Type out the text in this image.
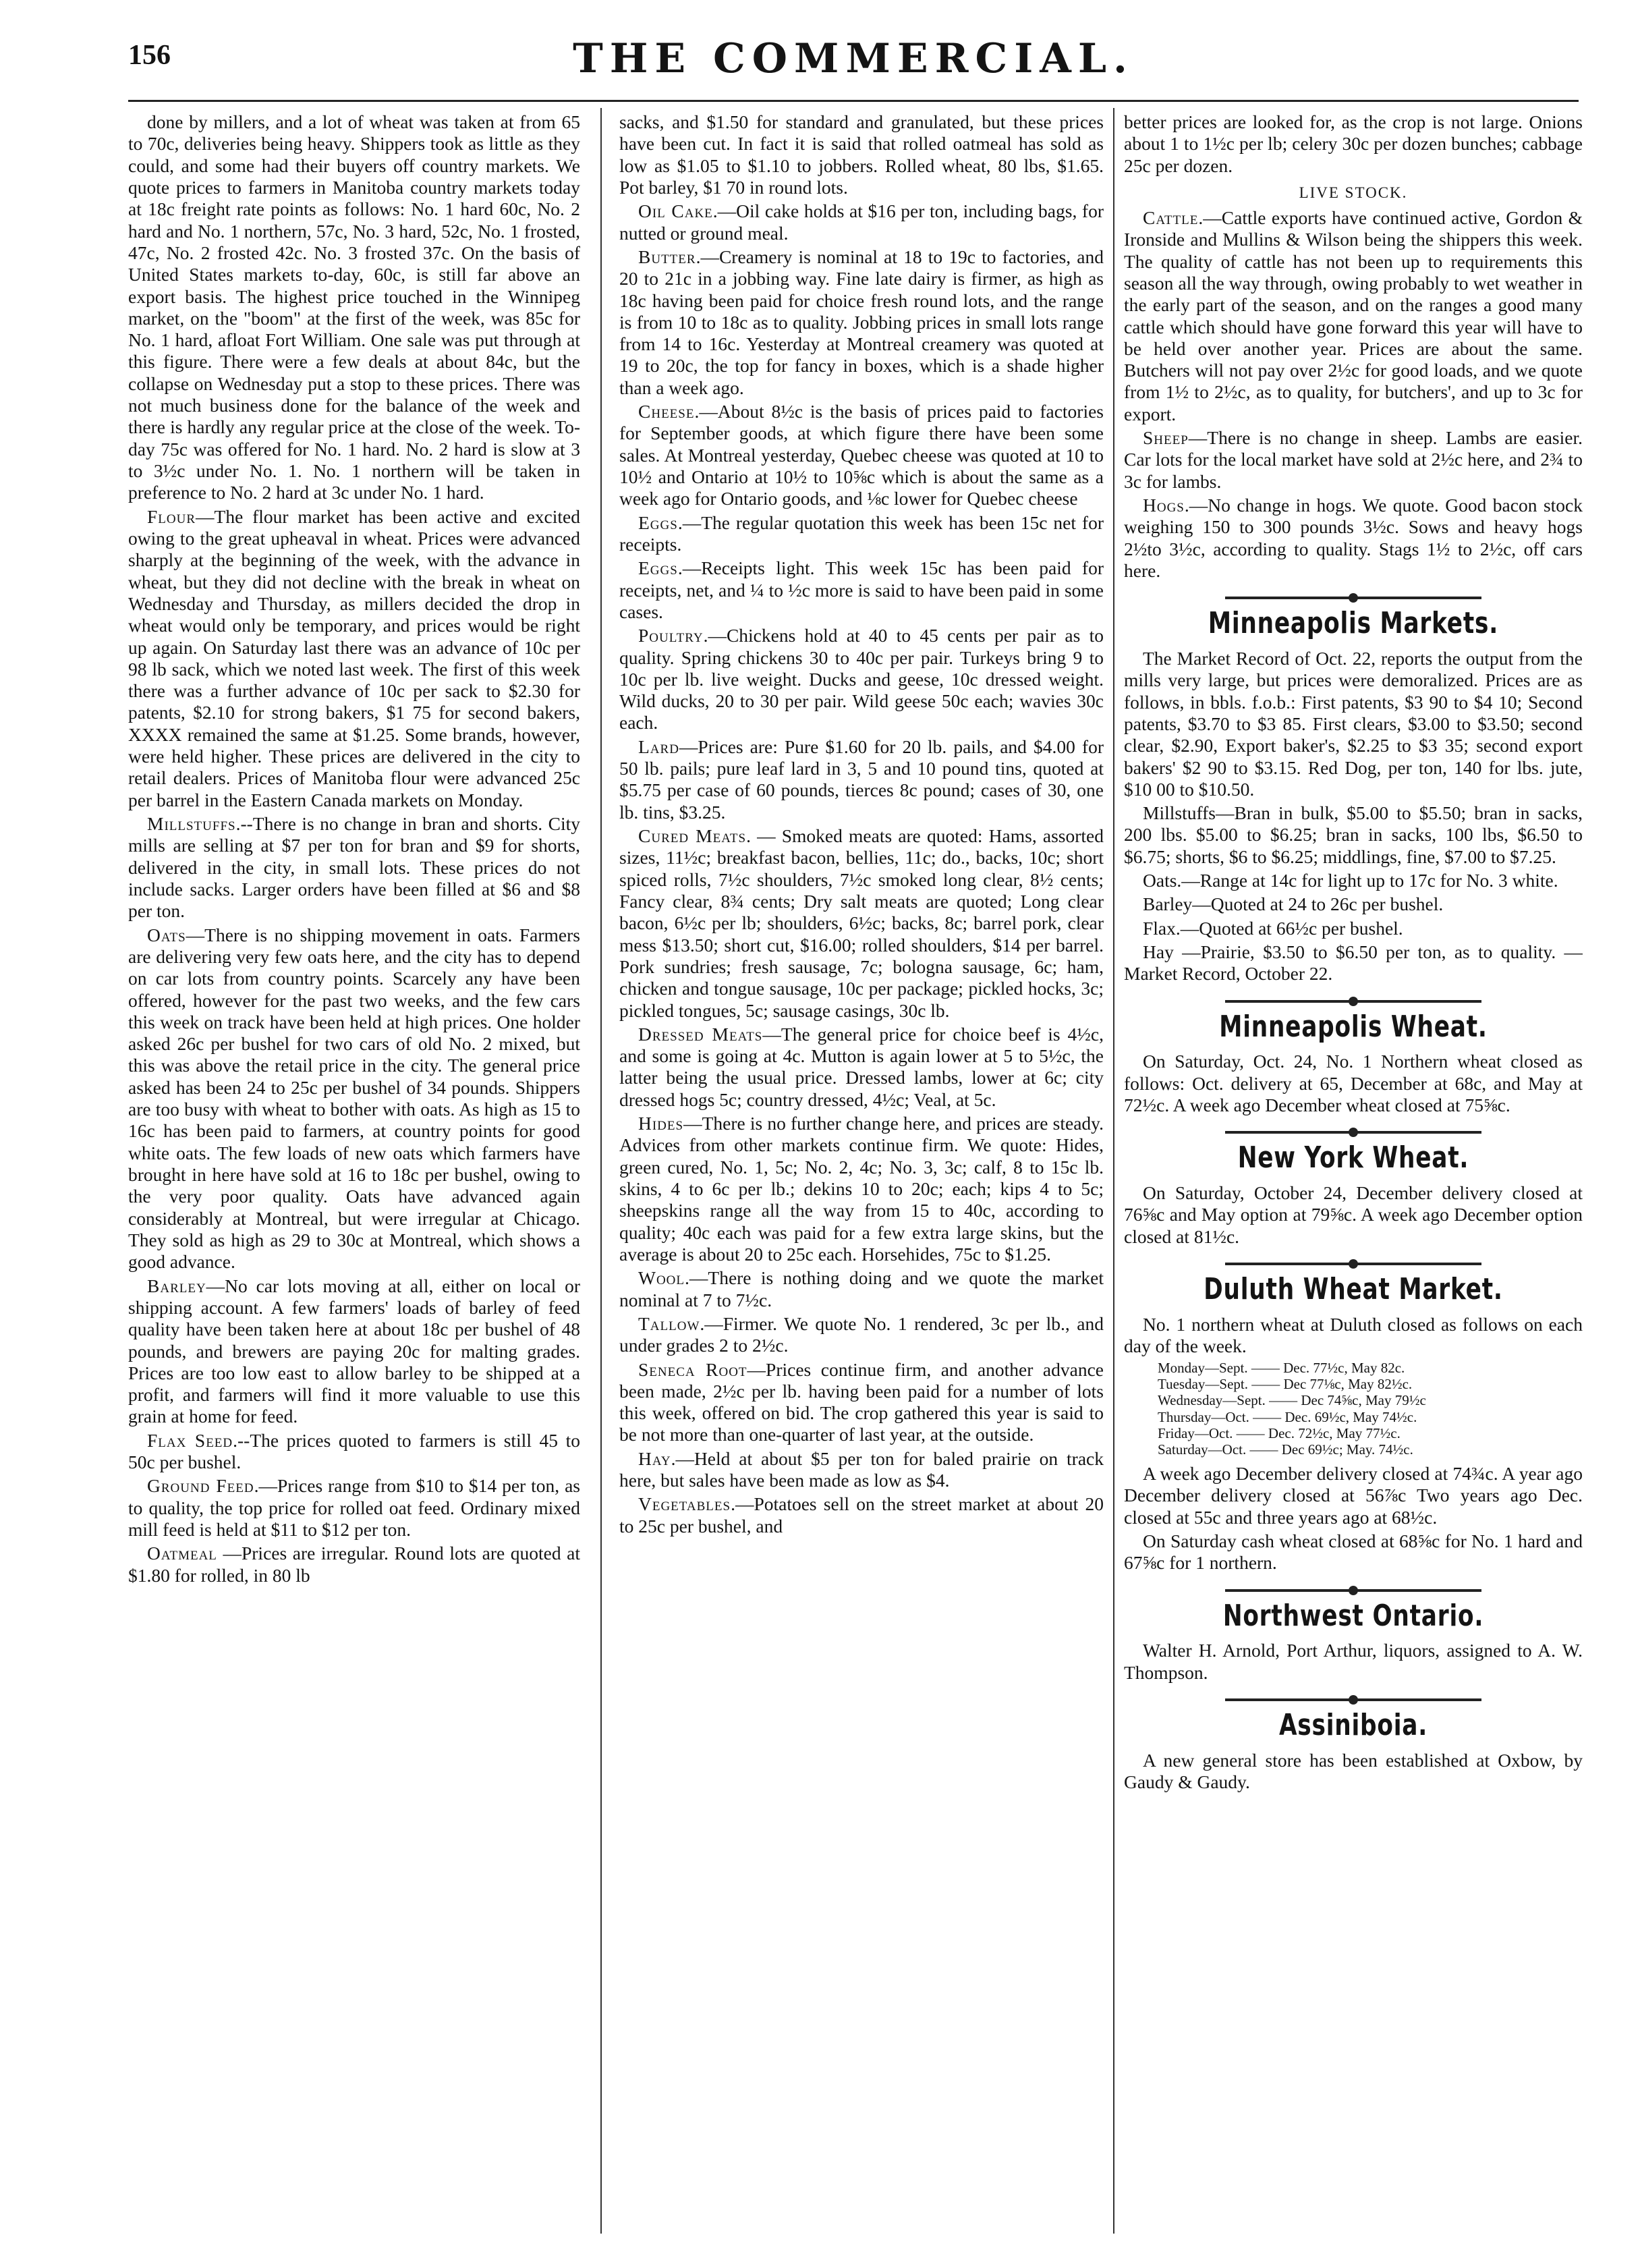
156	THE COMMERCIAL.

done by millers, and a lot of wheat was taken at from 65 to 70c, deliveries being heavy. Shippers took as little as they could, and some had their buyers off country markets. We quote prices to farmers in Manitoba country markets today at 18c freight rate points as follows: No. 1 hard 60c, No. 2 hard and No. 1 northern, 57c, No. 3 hard, 52c, No. 1 frosted, 47c, No. 2 frosted 42c. No. 3 frosted 37c. On the basis of United States markets to-day, 60c, is still far above an export basis. The highest price touched in the Winnipeg market, on the "boom" at the first of the week, was 85c for No. 1 hard, afloat Fort William. One sale was put through at this figure. There were a few deals at about 84c, but the collapse on Wednesday put a stop to these prices. There was not much business done for the balance of the week and there is hardly any regular price at the close of the week. To-day 75c was offered for No. 1 hard. No. 2 hard is slow at 3 to 3½c under No. 1. No. 1 northern will be taken in preference to No. 2 hard at 3c under No. 1 hard.

Flour—The flour market has been active and excited owing to the great upheaval in wheat. Prices were advanced sharply at the beginning of the week, with the advance in wheat, but they did not decline with the break in wheat on Wednesday and Thursday, as millers decided the drop in wheat would only be temporary, and prices would be right up again. On Saturday last there was an advance of 10c per 98 lb sack, which we noted last week. The first of this week there was a further advance of 10c per sack to $2.30 for patents, $2.10 for strong bakers, $1 75 for second bakers, XXXX remained the same at $1.25. Some brands, however, were held higher. These prices are delivered in the city to retail dealers. Prices of Manitoba flour were advanced 25c per barrel in the Eastern Canada markets on Monday.

Millstuffs.--There is no change in bran and shorts. City mills are selling at $7 per ton for bran and $9 for shorts, delivered in the city, in small lots. These prices do not include sacks. Larger orders have been filled at $6 and $8 per ton.

Oats—There is no shipping movement in oats. Farmers are delivering very few oats here, and the city has to depend on car lots from country points. Scarcely any have been offered, however for the past two weeks, and the few cars this week on track have been held at high prices. One holder asked 26c per bushel for two cars of old No. 2 mixed, but this was above the retail price in the city. The general price asked has been 24 to 25c per bushel of 34 pounds. Shippers are too busy with wheat to bother with oats. As high as 15 to 16c has been paid to farmers, at country points for good white oats. The few loads of new oats which farmers have brought in here have sold at 16 to 18c per bushel, owing to the very poor quality. Oats have advanced again considerably at Montreal, but were irregular at Chicago. They sold as high as 29 to 30c at Montreal, which shows a good advance.

Barley—No car lots moving at all, either on local or shipping account. A few farmers' loads of barley of feed quality have been taken here at about 18c per bushel of 48 pounds, and brewers are paying 20c for malting grades. Prices are too low east to allow barley to be shipped at a profit, and farmers will find it more valuable to use this grain at home for feed.

Flax Seed.--The prices quoted to farmers is still 45 to 50c per bushel.

Ground Feed.—Prices range from $10 to $14 per ton, as to quality, the top price for rolled oat feed. Ordinary mixed mill feed is held at $11 to $12 per ton.

Oatmeal —Prices are irregular. Round lots are quoted at $1.80 for rolled, in 80 lb

sacks, and $1.50 for standard and granulated, but these prices have been cut. In fact it is said that rolled oatmeal has sold as low as $1.05 to $1.10 to jobbers. Rolled wheat, 80 lbs, $1.65. Pot barley, $1 70 in round lots.

Oil Cake.—Oil cake holds at $16 per ton, including bags, for nutted or ground meal.

Butter.—Creamery is nominal at 18 to 19c to factories, and 20 to 21c in a jobbing way. Fine late dairy is firmer, as high as 18c having been paid for choice fresh round lots, and the range is from 10 to 18c as to quality. Jobbing prices in small lots range from 14 to 16c. Yesterday at Montreal creamery was quoted at 19 to 20c, the top for fancy in boxes, which is a shade higher than a week ago.

Cheese.—About 8½c is the basis of prices paid to factories for September goods, at which figure there have been some sales. At Montreal yesterday, Quebec cheese was quoted at 10 to 10½ and Ontario at 10½ to 10⅝c which is about the same as a week ago for Ontario goods, and ⅛c lower for Quebec cheese

Eggs.—The regular quotation this week has been 15c net for receipts.

Eggs.—Receipts light. This week 15c has been paid for receipts, net, and ¼ to ½c more is said to have been paid in some cases.

Poultry.—Chickens hold at 40 to 45 cents per pair as to quality. Spring chickens 30 to 40c per pair. Turkeys bring 9 to 10c per lb. live weight. Ducks and geese, 10c dressed weight. Wild ducks, 20 to 30 per pair. Wild geese 50c each; wavies 30c each.

Lard—Prices are: Pure $1.60 for 20 lb. pails, and $4.00 for 50 lb. pails; pure leaf lard in 3, 5 and 10 pound tins, quoted at $5.75 per case of 60 pounds, tierces 8c pound; cases of 30, one lb. tins, $3.25.

Cured Meats. — Smoked meats are quoted: Hams, assorted sizes, 11½c; breakfast bacon, bellies, 11c; do., backs, 10c; short spiced rolls, 7½c shoulders, 7½c smoked long clear, 8½ cents; Fancy clear, 8¾ cents; Dry salt meats are quoted; Long clear bacon, 6½c per lb; shoulders, 6½c; backs, 8c; barrel pork, clear mess $13.50; short cut, $16.00; rolled shoulders, $14 per barrel. Pork sundries; fresh sausage, 7c; bologna sausage, 6c; ham, chicken and tongue sausage, 10c per package; pickled hocks, 3c; pickled tongues, 5c; sausage casings, 30c lb.

Dressed Meats—The general price for choice beef is 4½c, and some is going at 4c. Mutton is again lower at 5 to 5½c, the latter being the usual price. Dressed lambs, lower at 6c; city dressed hogs 5c; country dressed, 4½c; Veal, at 5c.

Hides—There is no further change here, and prices are steady. Advices from other markets continue firm. We quote: Hides, green cured, No. 1, 5c; No. 2, 4c; No. 3, 3c; calf, 8 to 15c lb. skins, 4 to 6c per lb.; dekins 10 to 20c; each; kips 4 to 5c; sheepskins range all the way from 15 to 40c, according to quality; 40c each was paid for a few extra large skins, but the average is about 20 to 25c each. Horsehides, 75c to $1.25.

Wool.—There is nothing doing and we quote the market nominal at 7 to 7½c.

Tallow.—Firmer. We quote No. 1 rendered, 3c per lb., and under grades 2 to 2½c.

Seneca Root—Prices continue firm, and another advance been made, 2½c per lb. having been paid for a number of lots this week, offered on bid. The crop gathered this year is said to be not more than one-quarter of last year, at the outside.

Hay.—Held at about $5 per ton for baled prairie on track here, but sales have been made as low as $4.

Vegetables.—Potatoes sell on the street market at about 20 to 25c per bushel, and

better prices are looked for, as the crop is not large. Onions about 1 to 1½c per lb; celery 30c per dozen bunches; cabbage 25c per dozen.

LIVE STOCK.

Cattle.—Cattle exports have continued active, Gordon & Ironside and Mullins & Wilson being the shippers this week. The quality of cattle has not been up to requirements this season all the way through, owing probably to wet weather in the early part of the season, and on the ranges a good many cattle which should have gone forward this year will have to be held over another year. Prices are about the same. Butchers will not pay over 2½c for good loads, and we quote from 1½ to 2½c, as to quality, for butchers', and up to 3c for export.

Sheep—There is no change in sheep. Lambs are easier. Car lots for the local market have sold at 2½c here, and 2¾ to 3c for lambs.

Hogs.—No change in hogs. We quote. Good bacon stock weighing 150 to 300 pounds 3½c. Sows and heavy hogs 2½to 3½c, according to quality. Stags 1½ to 2½c, off cars here.

Minneapolis Markets.

The Market Record of Oct. 22, reports the output from the mills very large, but prices were demoralized. Prices are as follows, in bbls. f.o.b.: First patents, $3 90 to $4 10; Second patents, $3.70 to $3 85. First clears, $3.00 to $3.50; second clear, $2.90, Export baker's, $2.25 to $3 35; second export bakers' $2 90 to $3.15. Red Dog, per ton, 140 for lbs. jute, $10 00 to $10.50.

Millstuffs—Bran in bulk, $5.00 to $5.50; bran in sacks, 200 lbs. $5.00 to $6.25; bran in sacks, 100 lbs, $6.50 to $6.75; shorts, $6 to $6.25; middlings, fine, $7.00 to $7.25.

Oats.—Range at 14c for light up to 17c for No. 3 white.

Barley—Quoted at 24 to 26c per bushel.

Flax.—Quoted at 66½c per bushel.

Hay —Prairie, $3.50 to $6.50 per ton, as to quality. —Market Record, October 22.

Minneapolis Wheat.

On Saturday, Oct. 24, No. 1 Northern wheat closed as follows: Oct. delivery at 65, December at 68c, and May at 72½c. A week ago December wheat closed at 75⅝c.

New York Wheat.

On Saturday, October 24, December delivery closed at 76⅝c and May option at 79⅝c. A week ago December option closed at 81½c.

Duluth Wheat Market.

No. 1 northern wheat at Duluth closed as follows on each day of the week.

Monday—Sept. —— Dec. 77½c, May 82c.
Tuesday—Sept. —— Dec 77⅛c, May 82½c.
Wednesday—Sept. —— Dec 74⅝c, May 79½c
Thursday—Oct. —— Dec. 69½c, May 74½c.
Friday—Oct. —— Dec. 72½c, May 77½c.
Saturday—Oct. —— Dec 69½c; May. 74½c.

A week ago December delivery closed at 74¾c. A year ago December delivery closed at 56⅞c Two years ago Dec. closed at 55c and three years ago at 68½c.

On Saturday cash wheat closed at 68⅝c for No. 1 hard and 67⅝c for 1 northern.

Northwest Ontario.

Walter H. Arnold, Port Arthur, liquors, assigned to A. W. Thompson.

Assiniboia.

A new general store has been established at Oxbow, by Gaudy & Gaudy.
